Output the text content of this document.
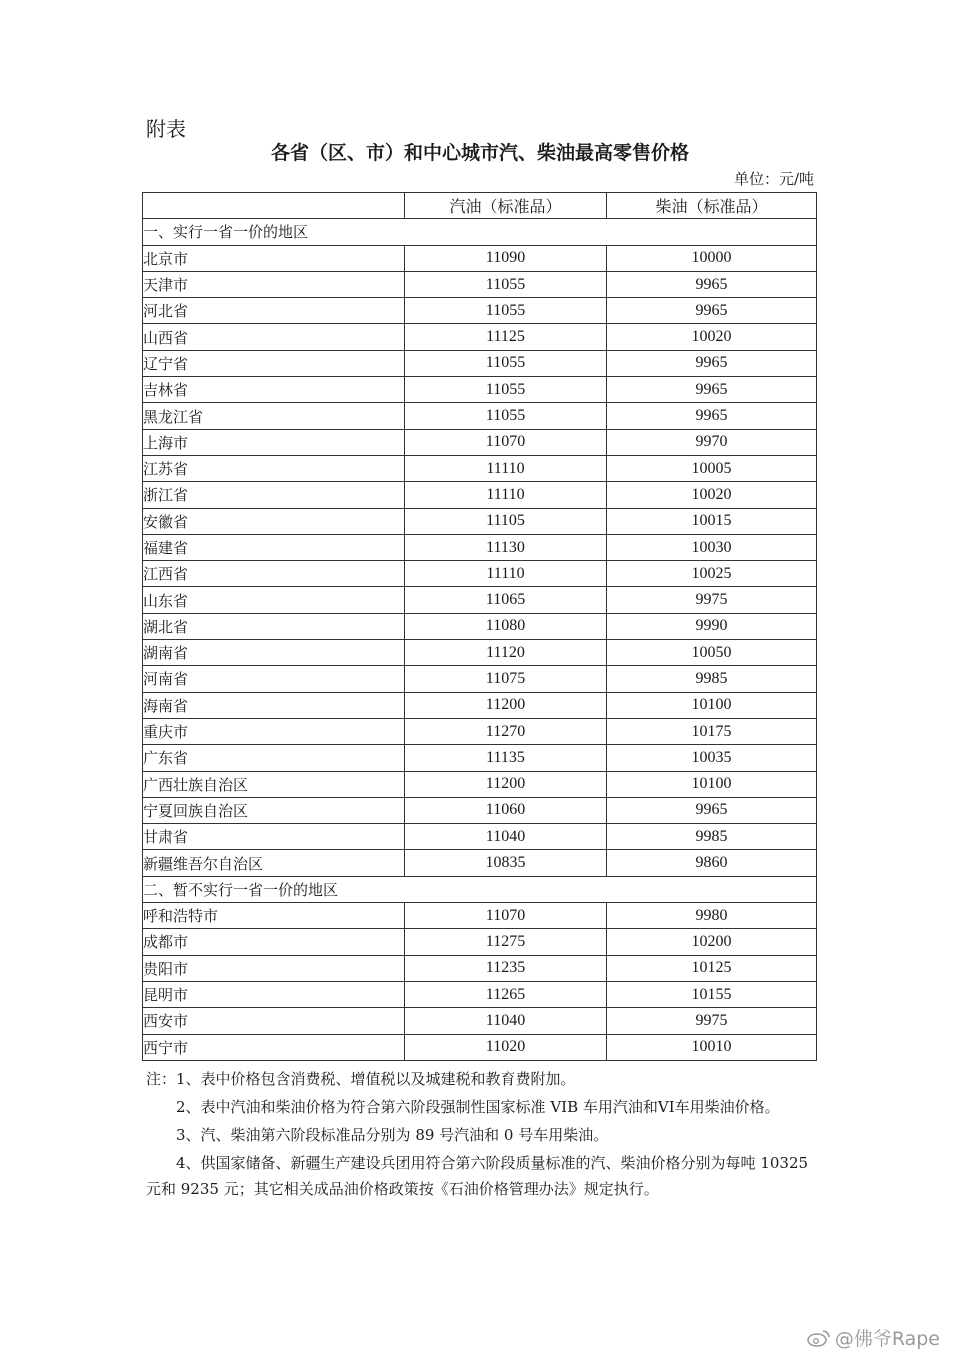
附表
各省（区、市）和中心城市汽、柴油最高零售价格
单位：元/吨
	汽油（标准品）	柴油（标准品）
一、实行一省一价的地区		
北京市	11090	10000
天津市	11055	9965
河北省	11055	9965
山西省	11125	10020
辽宁省	11055	9965
吉林省	11055	9965
黑龙江省	11055	9965
上海市	11070	9970
江苏省	11110	10005
浙江省	11110	10020
安徽省	11105	10015
福建省	11130	10030
江西省	11110	10025
山东省	11065	9975
湖北省	11080	9990
湖南省	11120	10050
河南省	11075	9985
海南省	11200	10100
重庆市	11270	10175
广东省	11135	10035
广西壮族自治区	11200	10100
宁夏回族自治区	11060	9965
甘肃省	11040	9985
新疆维吾尔自治区	10835	9860
二、暂不实行一省一价的地区		
呼和浩特市	11070	9980
成都市	11275	10200
贵阳市	11235	10125
昆明市	11265	10155
西安市	11040	9975
西宁市	11020	10010

注：1、表中价格包含消费税、增值税以及城建税和教育费附加。

2、表中汽油和柴油价格为符合第六阶段强制性国家标准 VIB 车用汽油和VI车用柴油价格。

3、汽、柴油第六阶段标准品分别为 89 号汽油和 0 号车用柴油。

4、供国家储备、新疆生产建设兵团用符合第六阶段质量标准的汽、柴油价格分别为每吨 10325 元和 9235 元；其它相关成品油价格政策按《石油价格管理办法》规定执行。

@佛爷Rape
